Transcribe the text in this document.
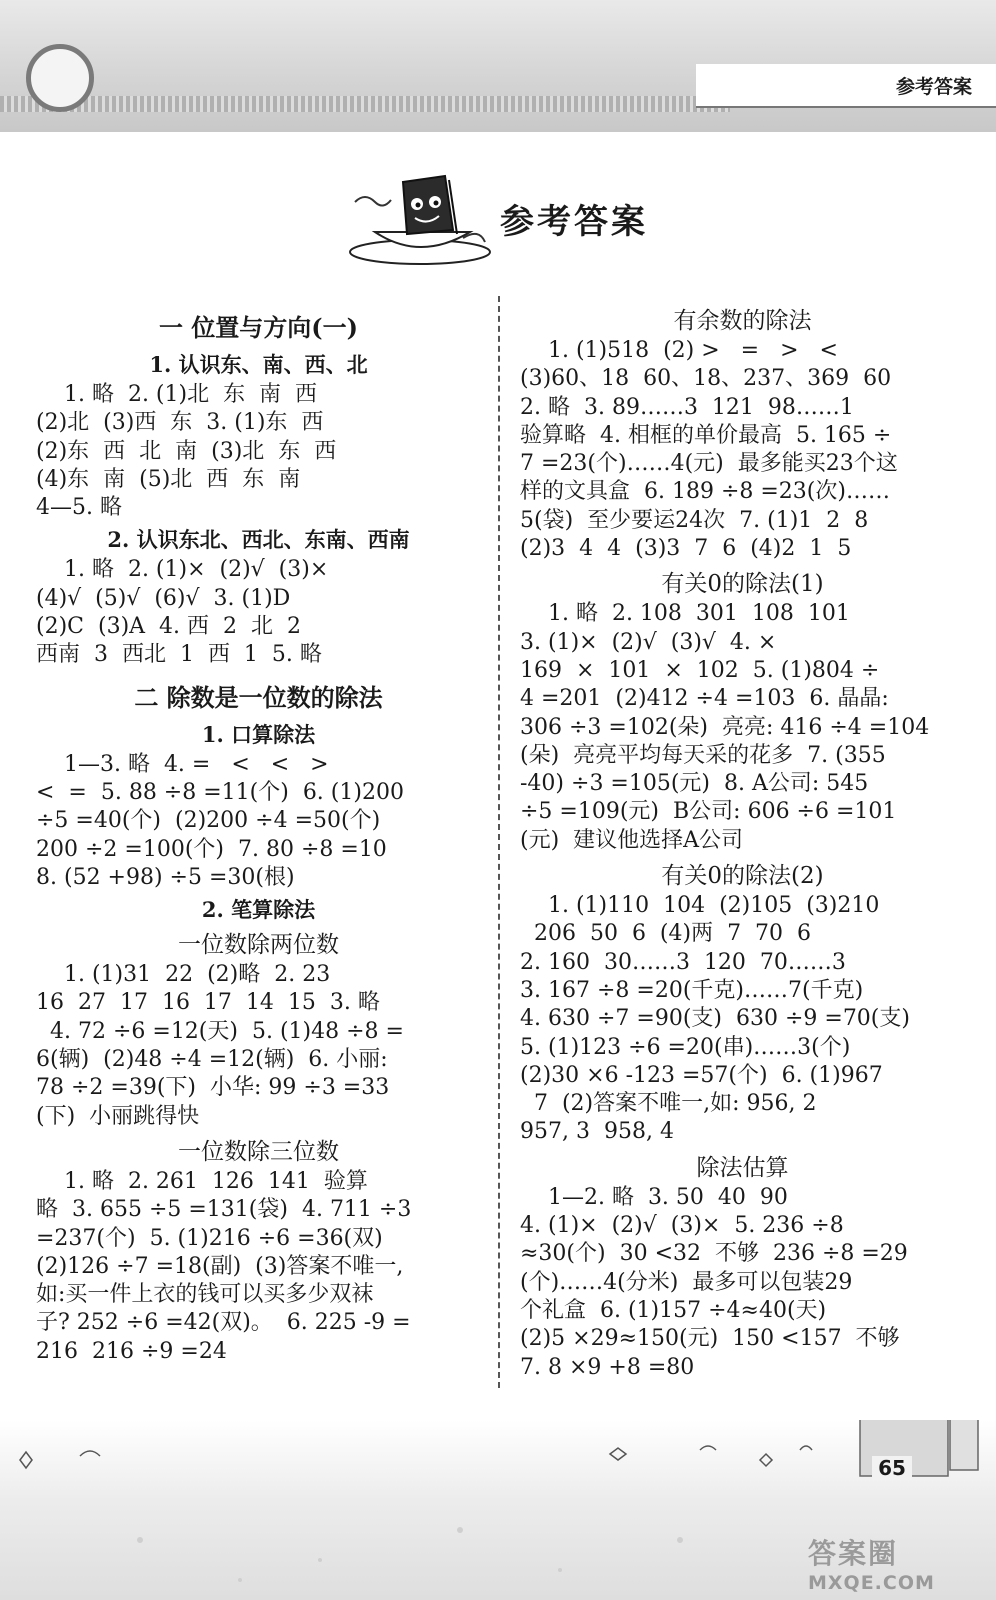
参考答案
参考答案
一 位置与方向(一)
1. 认识东、南、西、北
1. 略  2. (1)北  东  南  西
(2)北  (3)西  东  3. (1)东  西
(2)东  西  北  南  (3)北  东  西
(4)东  南  (5)北  西  东  南
4—5. 略
2. 认识东北、西北、东南、西南
1. 略  2. (1)×  (2)√  (3)×
(4)√  (5)√  (6)√  3. (1)D
(2)C  (3)A  4. 西  2  北  2
西南  3  西北  1  西  1  5. 略
二 除数是一位数的除法
1. 口算除法
1—3. 略  4. =   <   <   >
<  =  5. 88 ÷8 =11(个)  6. (1)200
÷5 =40(个)  (2)200 ÷4 =50(个)
200 ÷2 =100(个)  7. 80 ÷8 =10
8. (52 +98) ÷5 =30(根)
2. 笔算除法
一位数除两位数
1. (1)31  22  (2)略  2. 23
16  27  17  16  17  14  15  3. 略
4. 72 ÷6 =12(天)  5. (1)48 ÷8 =
6(辆)  (2)48 ÷4 =12(辆)  6. 小丽:
78 ÷2 =39(下)  小华: 99 ÷3 =33
(下)  小丽跳得快
一位数除三位数
1. 略  2. 261  126  141  验算
略  3. 655 ÷5 =131(袋)  4. 711 ÷3
=237(个)  5. (1)216 ÷6 =36(双)
(2)126 ÷7 =18(副)  (3)答案不唯一,
如:买一件上衣的钱可以买多少双袜
子? 252 ÷6 =42(双)。  6. 225 -9 =
216  216 ÷9 =24
有余数的除法
1. (1)518  (2) >   =   >   <
(3)60、18  60、18、237、369  60
2. 略  3. 89……3  121  98……1
验算略  4. 相框的单价最高  5. 165 ÷
7 =23(个)……4(元)  最多能买23个这
样的文具盒  6. 189 ÷8 =23(次)……
5(袋)  至少要运24次  7. (1)1  2  8
(2)3  4  4  (3)3  7  6  (4)2  1  5
有关0的除法(1)
1. 略  2. 108  301  108  101
3. (1)×  (2)√  (3)√  4. ×
169  ×  101  ×  102  5. (1)804 ÷
4 =201  (2)412 ÷4 =103  6. 晶晶:
306 ÷3 =102(朵)  亮亮: 416 ÷4 =104
(朵)  亮亮平均每天采的花多  7. (355
-40) ÷3 =105(元)  8. A公司: 545
÷5 =109(元)  B公司: 606 ÷6 =101
(元)  建议他选择A公司
有关0的除法(2)
1. (1)110  104  (2)105  (3)210
206  50  6  (4)两  7  70  6
2. 160  30……3  120  70……3
3. 167 ÷8 =20(千克)……7(千克)
4. 630 ÷7 =90(支)  630 ÷9 =70(支)
5. (1)123 ÷6 =20(串)……3(个)
(2)30 ×6 -123 =57(个)  6. (1)967
7  (2)答案不唯一,如: 956, 2
957, 3  958, 4
除法估算
1—2. 略  3. 50  40  90
4. (1)×  (2)√  (3)×  5. 236 ÷8
≈30(个)  30 <32  不够  236 ÷8 =29
(个)……4(分米)  最多可以包装29
个礼盒  6. (1)157 ÷4≈40(天)
(2)5 ×29≈150(元)  150 <157  不够
7. 8 ×9 +8 =80
65
答案圈
MXQE.COM
